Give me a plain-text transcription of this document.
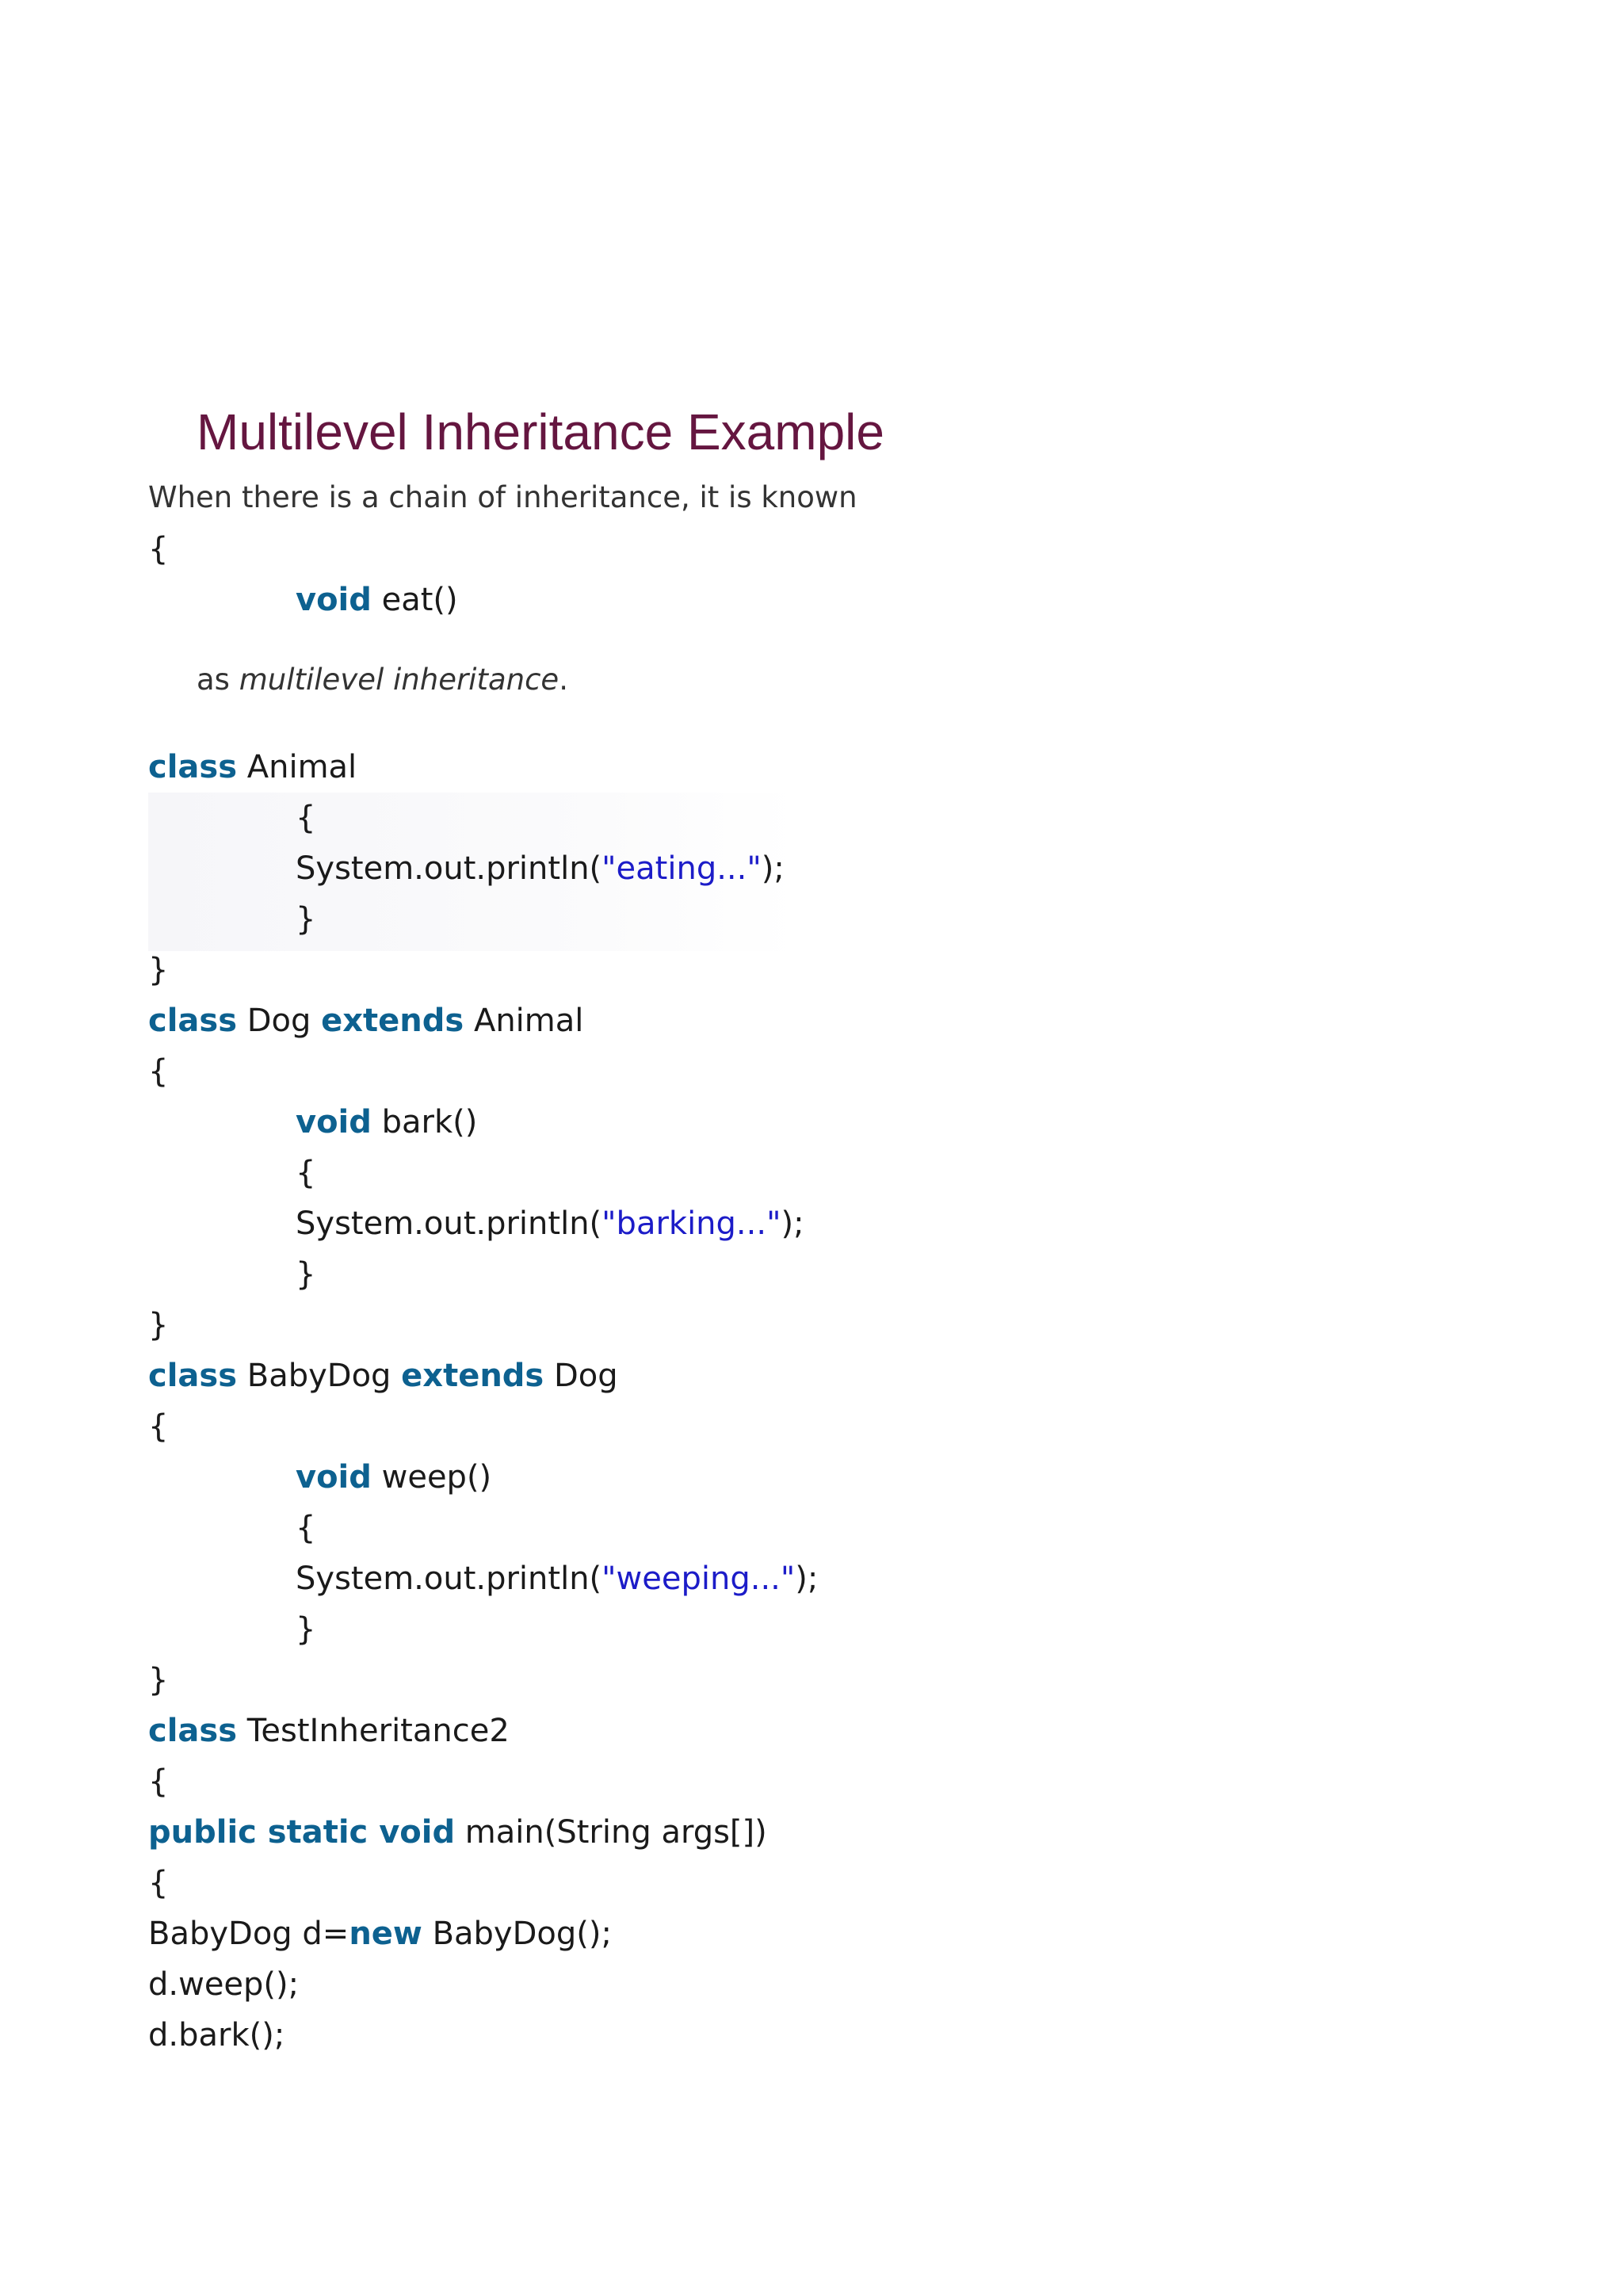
Multilevel Inheritance Example
When there is a chain of inheritance, it is known
{
void eat()
as multilevel inheritance.
class Animal
{
System.out.println("eating...");
}
}
class Dog extends Animal
{
void bark()
{
System.out.println("barking...");
}
}
class BabyDog extends Dog
{
void weep()
{
System.out.println("weeping...");
}
}
class TestInheritance2
{
public static void main(String args[])
{
BabyDog d=new BabyDog();
d.weep();
d.bark();
